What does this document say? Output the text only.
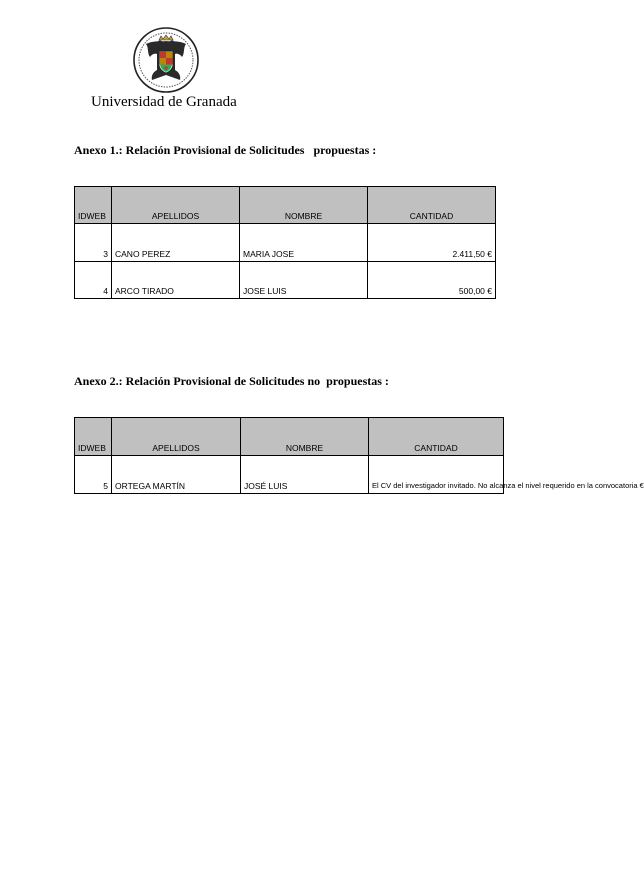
Universidad de Granada
Anexo 1.: Relación Provisional de Solicitudes   propuestas :
IDWEB	APELLIDOS	NOMBRE	CANTIDAD
3	CANO PEREZ	MARIA JOSE	2.411,50 €
4	ARCO TIRADO	JOSE LUIS	500,00 €
Anexo 2.: Relación Provisional de Solicitudes no  propuestas :
IDWEB	APELLIDOS	NOMBRE	CANTIDAD
5	ORTEGA MARTÍN	JOSÉ LUIS	El CV del investigador invitado. No alcanza el nivel requerido en la convocatoria €
